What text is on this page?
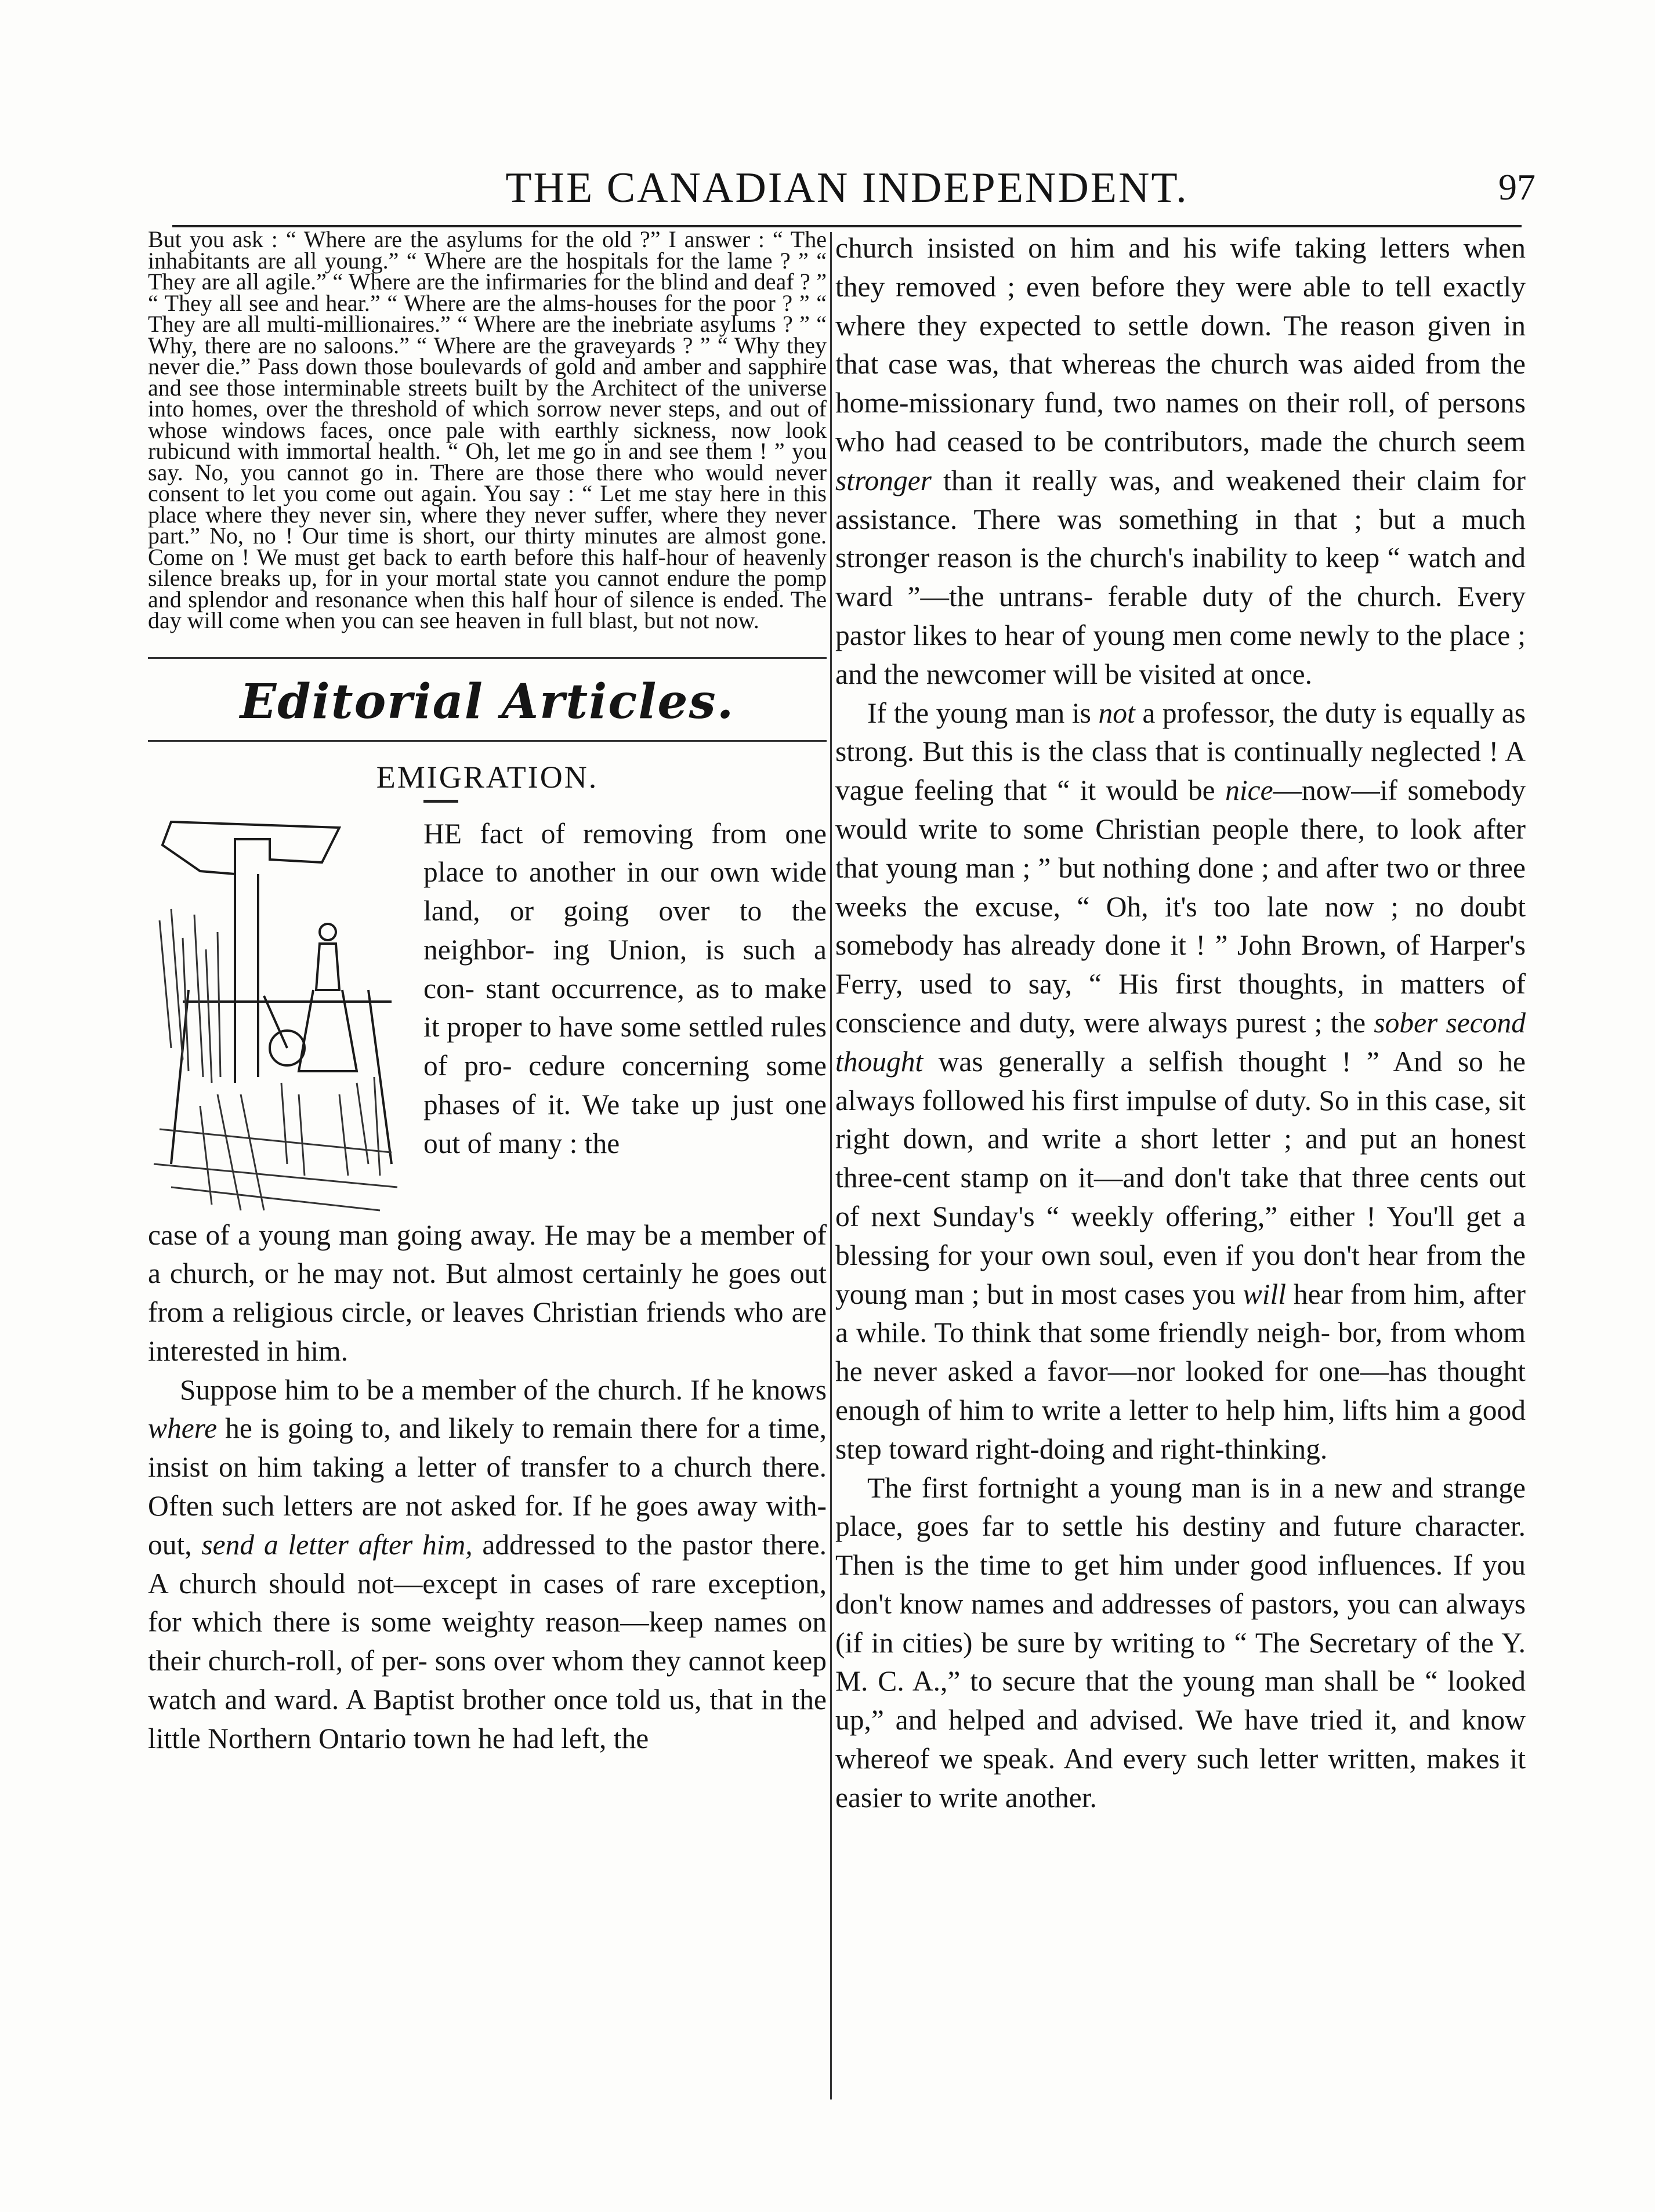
THE CANADIAN INDEPENDENT.	97

But you ask : “ Where are the asylums for the old ?” I answer : “ The inhabitants are all young.” “ Where are the hospitals for the lame ? ” “ They are all agile.” “ Where are the infirmaries for the blind and deaf ? ” “ They all see and hear.” “ Where are the alms-houses for the poor ? ” “ They are all multi-millionaires.” “ Where are the inebriate asylums ? ” “ Why, there are no saloons.” “ Where are the graveyards ? ” “ Why they never die.” Pass down those boulevards of gold and amber and sapphire and see those interminable streets built by the Architect of the universe into homes, over the threshold of which sorrow never steps, and out of whose windows faces, once pale with earthly sickness, now look rubicund with immortal health. “ Oh, let me go in and see them ! ” you say. No, you cannot go in. There are those there who would never consent to let you come out again. You say : “ Let me stay here in this place where they never sin, where they never suffer, where they never part.” No, no ! Our time is short, our thirty minutes are almost gone. Come on ! We must get back to earth before this half-hour of heavenly silence breaks up, for in your mortal state you cannot endure the pomp and splendor and resonance when this half hour of silence is ended. The day will come when you can see heaven in full blast, but not now.

Editorial Articles.
EMIGRATION.

HE fact of removing from one place to another in our own wide land, or going over to the neighbor- ing Union, is such a con- stant occurrence, as to make it proper to have some settled rules of pro- cedure concerning some phases of it. We take up just one out of many : the

case of a young man going away. He may be a member of a church, or he may not. But almost certainly he goes out from a religious circle, or leaves Christian friends who are interested in him.

Suppose him to be a member of the church. If he knows where he is going to, and likely to remain there for a time, insist on him taking a letter of transfer to a church there. Often such letters are not asked for. If he goes away with- out, send a letter after him, addressed to the pastor there. A church should not—except in cases of rare exception, for which there is some weighty reason—keep names on their church-roll, of per- sons over whom they cannot keep watch and ward. A Baptist brother once told us, that in the little Northern Ontario town he had left, the

church insisted on him and his wife taking letters when they removed ; even before they were able to tell exactly where they expected to settle down. The reason given in that case was, that whereas the church was aided from the home-missionary fund, two names on their roll, of persons who had ceased to be contributors, made the church seem stronger than it really was, and weakened their claim for assistance. There was something in that ; but a much stronger reason is the church's inability to keep “ watch and ward ”—the untrans- ferable duty of the church. Every pastor likes to hear of young men come newly to the place ; and the newcomer will be visited at once.

If the young man is not a professor, the duty is equally as strong. But this is the class that is continually neglected ! A vague feeling that “ it would be nice—now—if somebody would write to some Christian people there, to look after that young man ; ” but nothing done ; and after two or three weeks the excuse, “ Oh, it's too late now ; no doubt somebody has already done it ! ” John Brown, of Harper's Ferry, used to say, “ His first thoughts, in matters of conscience and duty, were always purest ; the sober second thought was generally a selfish thought ! ” And so he always followed his first impulse of duty. So in this case, sit right down, and write a short letter ; and put an honest three-cent stamp on it—and don't take that three cents out of next Sunday's “ weekly offering,” either ! You'll get a blessing for your own soul, even if you don't hear from the young man ; but in most cases you will hear from him, after a while. To think that some friendly neigh- bor, from whom he never asked a favor—nor looked for one—has thought enough of him to write a letter to help him, lifts him a good step toward right-doing and right-thinking.

The first fortnight a young man is in a new and strange place, goes far to settle his destiny and future character. Then is the time to get him under good influences. If you don't know names and addresses of pastors, you can always (if in cities) be sure by writing to “ The Secretary of the Y. M. C. A.,” to secure that the young man shall be “ looked up,” and helped and advised. We have tried it, and know whereof we speak. And every such letter written, makes it easier to write another.
